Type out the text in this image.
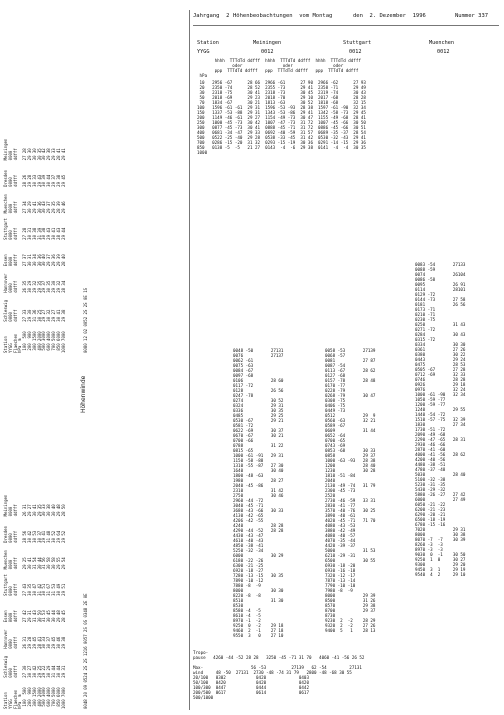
Station      Schleswig   Hannover   Essen      Stuttgart  Muenchen   Dresden    Meiningen
YYGG         0000        0000       0000       0000       0000       0000       0000
Flaechen     ddfff       ddfff      ddfff      ddfff      ddfff      ddfff      ddfff
hPa  m
100  500    27 30       26 31      27 42      27 43      29 25      28 56      26 31
200  900    30 27       29 28      29 31      30 35      30 41      30 42      29 27
300 1500    30 42       29 45      31 43      30 47      31 54      30 53      30 41
400 2000    29 25       28 41      30 50      31 42      30 44      30 37      29 35
500 3000    29 22       30 33      31 53      30 51      31 56      29 41      30 33
600 4000    30 29       30 37      30 45      31 67      30 58      31 48      30 38
700 5000    31 44       29 45      30 44      31 53      30 58      30 52      30 40
850 6000    30 44       30 46      29 48      30 49      29 55      29 64      29 48
1000 7000    29 31       29 38      28 45      29 51      29 54      29 52      28 50
0048 20 09 0524 2S 2S 1216 0057 2S 0S 0348 2E 0E
Höhenwinde
Station      Schleswig   Hannover   Essen      Stuttgart  Muenchen   Dresden    Meiningen
YYGG         0000        0000       0000       0000       0000       0000       0000
Flaechen     ddfff       ddfff      ddfff      ddfff      ddfff      ddfff      ddfff
hPa  m
100  500    27 33       26 35      27 37      27 28      27 34      28 26      27 28
200  900    29 30       30 29      30 31      30 31      30 29      29 28      29 30
300 1500    31 36       29 32      30 34      30 38      29 41      30 33      30 30
400 2000    30 25       29 35      30 36      31 39      30 36      29 43      30 35
500 3000    29 27       29 37      30 40      30 38      30 43      30 39      30 42
600 4000    30 32       30 35      29 37      29 43      29 37      30 44      29 38
700 5000    29 27       29 30      29 36      30 41      29 35      29 37      29 33
850 6000    30 41       29 32      29 39      28 43      28 39      29 38      28 41
1000 7000    29 38       28 34      28 40      29 44      29 46      29 45      29 41
0080 12 02 0052 2S 2S 0E 1S

Jahrgang  2

Höhenbeobachtungen  vom Montag

	den  2. Dezember  1996

	Nummer 337

Station
YYGG
Meiningen
0012
Stuttgart
0012
Muenchen
0012
hhhh  TTTdTd ddfff  hhhh  TTTdTd ddfff  hhhh  TTTdTd ddfff
oder                oder                oder
ppp  TTTdTd ddfff   ppp  TTTdTd ddfff   ppp  TTTdTd ddfff
hPa
10   2956 -67      28 66  2966 -61      27 90  2966 -62      27 93
20   2350 -74      28 52  2355 -73      29 41  2358 -71      29 49
30   2318 -75      30 41  2318 -73      30 45  2319 -74      30 43
50   2018 -69      29 23  2018 -70      29 10  2017 -68      28 28
70   1834 -67      30 21  1813 -63      30 52  1818 -68      32 15
100   1596 -61 -61  29 31  1596 -53 -93  28 38  1597 -61 -90  32 34
150   1337 -53 -88  29 31  1343 -53 -86  29 41  1342 -58 -73  29 45
200   1149 -46 -61  29 27  1154 -49 -73  30 47  1155 -49 -68  28 41
250   1000 -45 -73  30 42  1007 -47 -73  31 72  1007 -45 -66  30 50
300   0877 -45 -73  30 41  0888 -45 -71  31 72  0886 -45 -66  30 51
400   0681 -34 -47  29 33  0692 -40 -59  31 57  0689 -35 -37  28 54
500   0522 -25 -40  29 28  0538 -33 -45  31 42  0530 -32 -43  29 41
700   0286 -15 -20  31 32  0293 -15 -19  30 36  0291 -14 -15  29 36
850   0138 -5  -5   21 27  0143  -4  -6  29 38  0141  -4  -4  30 35
1000
0048 -50       27131
0076           27137
0062 -61
0075 -63
0084 -67
0097 -68
0106           28 60
0117 -72
0128           26 56
0247 -78
0274           30 52
0324           29 31
0336           30 35
0485           29 25
0530 -67       29 21
0581 -72
0622 -69       30 37
0670 -67       30 21
0700 -66
0788           31 22
0815 -65
1000 -61 -91   29 31
1150 -58 -88
1310 -55 -87   27 30
1640           30 40
1800 -48 -63
1980           28 27
2040 -45 -86
2310           31 42
2750           30 46
2960 -44 -72
3040 -45 -71
3680 -43 -66   30 33
4130 -42 -65
4206 -42 -55
4240           28 28
4290 -44 -52   28 28
4430 -43 -47
4610 -40 -43
4850 -38 -41
5250 -32 -34
6000           30 29
6180 -22 -26
6300 -21 -25
6920 -18 -27
7280 -13 -15   30 35
7890 -10 -12
7880 -8  -9
8000           30 30
8220 -8  -8
8510           31 30
8530
8580 -4  -5
8610 -4  -5
8970 -1  -2
9250  0  -2    29 18
9460  2  -1    27 18
9550  3   0    27 10
0058 -53       27139
0068 -57
0081           27 87
0087 -54
0113 -67       28 62
0127 -68
0157 -78       28 48
0170 -77
0228 -79
0268 -79       30 47
0308 -75
0406 -75
0449 -73
0512           29  9
0560 -63       32 21
0589 -67
0609           31 44
0652 -64
0700 -65
0743 -69
0853 -68       30 33
0858           29 37
1000 -63 -93   28 38
1200           28 40
1230           30 28
1810 -51 -84
2040
2130 -49 -74   31 79
2300 -45 -73
2520
2730 -46 -59   33 31
2830 -41 -77
3570 -40 -76   30 25
3890 -40 -61
4020 -45 -71   71 70
4080 -43 -53
3880 -42 -49
4080 -40 -57
4070 -35 -44
4420 -39 -37
5000           31 53
6210 -29 -31
6500           30 55
6930 -18 -20
6930 -16 -18
7320 -12 -17
7870 -13 -14
7790 -10 -10
7980 -8  -9
8000           29 39
8500           31 26
8570           29 38
8700           29 37
8730
9230  2  -2    28 29
9320  2  -2    27 26
9400  5   1    28 13
0083 -54       27133
0088 -59
0074           26104
0086 -58
0095           26 91
0114           28101
0129 -72
0144 -73       27 58
0181           26 56
0173 -71
0210 -71
0230 -75
0250           31 43
0271 -72
0284           30 43
0315 -72
0334           30 30
0361           27 26
0380           30 22
0443           29 24
0475           28 53
0505 -67       27 28
0712 -69       32 33
0746           28 28
0926           29 18
0976           32 24
1000 -61 -90   32 34
1050 -59 -77
1200 -59 -77
1240           29 55
1440 -54 -72
1510 -57 -75   32 39
1830           27 34
1730 -51 -72
2090 -49 -68
2290 -47 -65   28 31
2930 -46 -66
2870 -41 -60
4000 -41 -56   28 62
4200 -40 -56
4480 -38 -51
4780 -37 -48
5030           28 40
5100 -32 -38
5230 -31 -35
5430 -29 -32
5880 -26 -27   27 42
6000           27 49
6050 -21 -22
6200 -21 -23
6290 -20 -21
6500 -18 -19
6780 -15 -16
7020           29 31
8000           30 38
8070 -7  -7    30 39
8260 -3  -3
8970 -3  -3
9030  0  -1    30 50
9250  1  0     30 27
9300           29 20
9450  3  1     29 19
9540  4  2     29 10
Tropo-
pause   4260 -44 -52 28 28   3250 -45 -71 31 70   4060 -41 -56 26 52

Max-                   56 -53          27139   62 -54         27131
wind     48 -50  27131  2730 -48 -74 31 79   2800 -48 -68 30 55
20/100   0302            0420             0403
50/100   0420            0420             0420
100/300  0447            0444             0442
200/500  0617            0614             0617
500/1000
